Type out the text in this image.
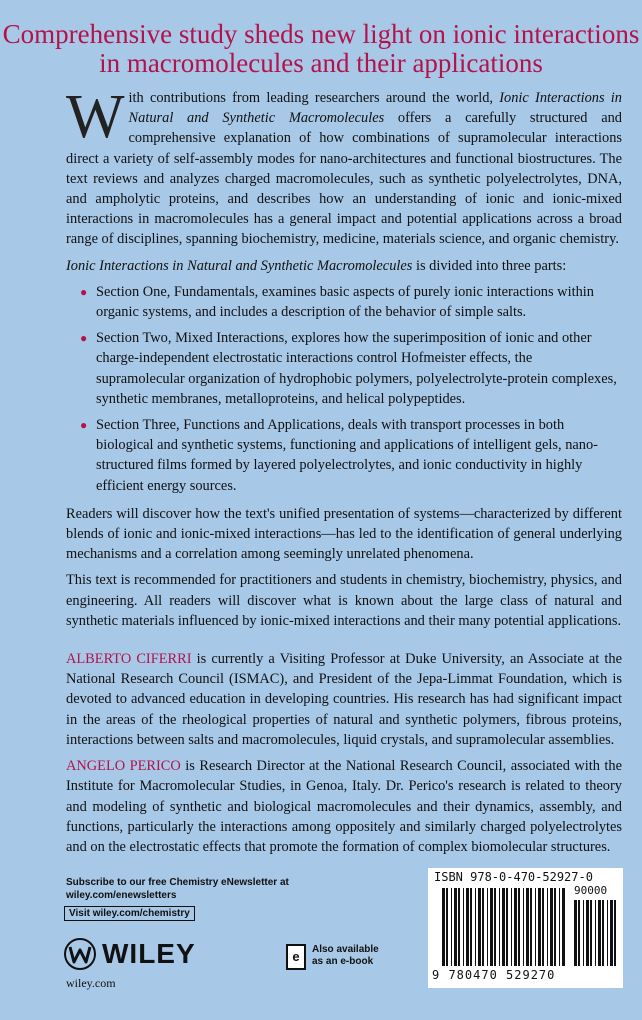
Comprehensive study sheds new light on ionic interactions in macromolecules and their applications

With contributions from leading researchers around the world, Ionic Interactions in Natural and Synthetic Macromolecules offers a carefully structured and comprehensive explanation of how combinations of supramolecular interactions direct a variety of self-assembly modes for nano-architectures and functional biostructures. The text reviews and analyzes charged macromolecules, such as synthetic polyelectrolytes, DNA, and ampholytic proteins, and describes how an understanding of ionic and ionic-mixed interactions in macromolecules has a general impact and potential applications across a broad range of disciplines, spanning biochemistry, medicine, materials science, and organic chemistry.

Ionic Interactions in Natural and Synthetic Macromolecules is divided into three parts:

● Section One, Fundamentals, examines basic aspects of purely ionic interactions within organic systems, and includes a description of the behavior of simple salts.
● Section Two, Mixed Interactions, explores how the superimposition of ionic and other charge-independent electrostatic interactions control Hofmeister effects, the supramolecular organization of hydrophobic polymers, polyelectrolyte-protein complexes, synthetic membranes, metalloproteins, and helical polypeptides.
● Section Three, Functions and Applications, deals with transport processes in both biological and synthetic systems, functioning and applications of intelligent gels, nano-structured films formed by layered polyelectrolytes, and ionic conductivity in highly efficient energy sources.

Readers will discover how the text's unified presentation of systems—characterized by different blends of ionic and ionic-mixed interactions—has led to the identification of general underlying mechanisms and a correlation among seemingly unrelated phenomena.

This text is recommended for practitioners and students in chemistry, biochemistry, physics, and engineering. All readers will discover what is known about the large class of natural and synthetic materials influenced by ionic-mixed interactions and their many potential applications.

ALBERTO CIFERRI is currently a Visiting Professor at Duke University, an Associate at the National Research Council (ISMAC), and President of the Jepa-Limmat Foundation, which is devoted to advanced education in developing countries. His research has had significant impact in the areas of the rheological properties of natural and synthetic polymers, fibrous proteins, interactions between salts and macromolecules, liquid crystals, and supramolecular assemblies.

ANGELO PERICO is Research Director at the National Research Council, associated with the Institute for Macromolecular Studies, in Genoa, Italy. Dr. Perico's research is related to theory and modeling of synthetic and biological macromolecules and their dynamics, assembly, and functions, particularly the interactions among oppositely and similarly charged polyelectrolytes and on the electrostatic effects that promote the formation of complex biomolecular structures.

Subscribe to our free Chemistry eNewsletter at wiley.com/enewsletters
Visit wiley.com/chemistry
WILEY
wiley.com
e Also available as an e-book
ISBN 978-0-470-52927-0
90000
9 780470 529270
